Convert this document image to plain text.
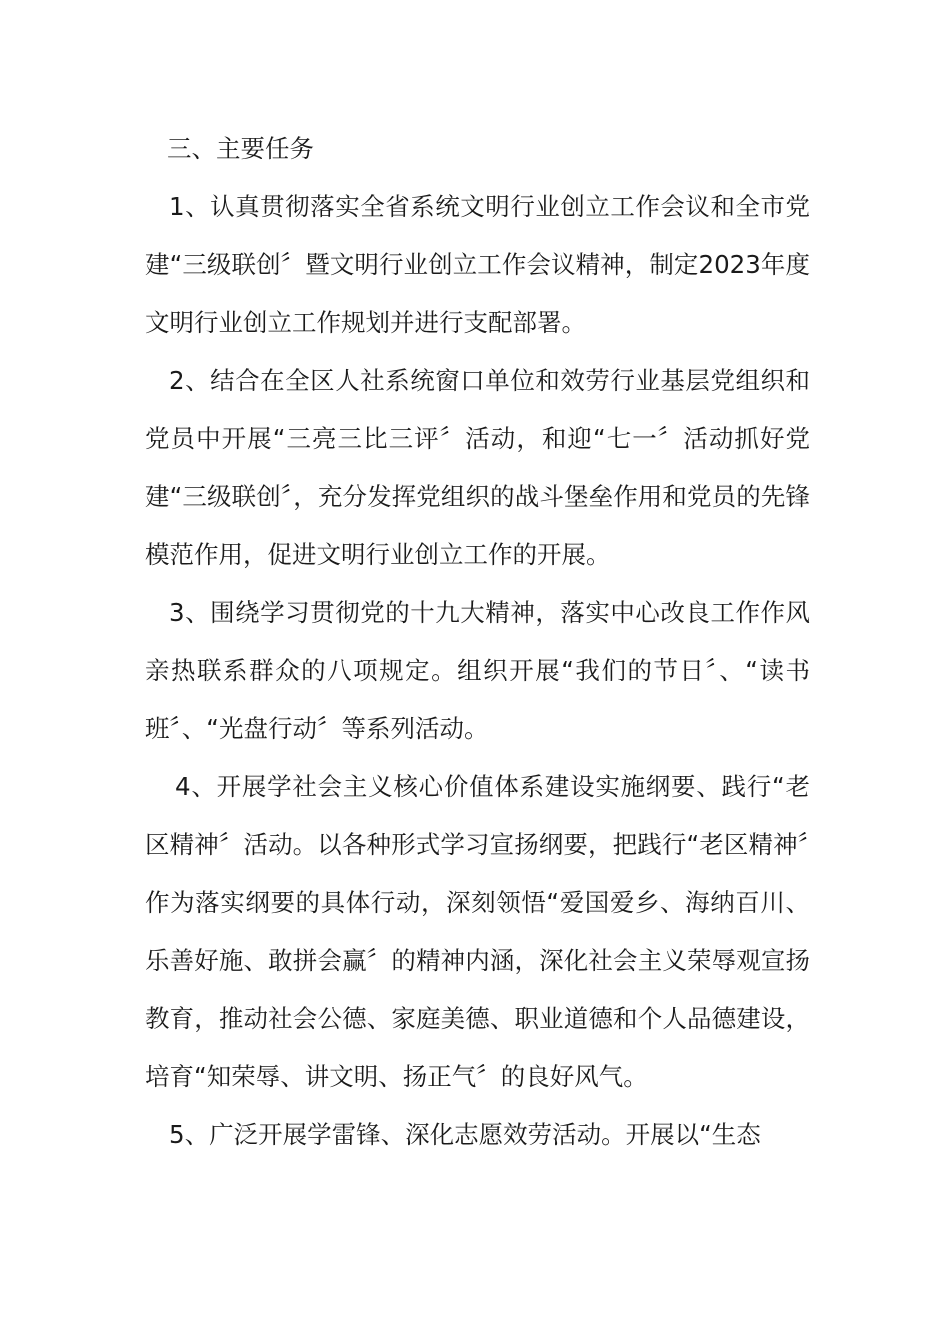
三、主要任务

1、认真贯彻落实全省系统文明行业创立工作会议和全市党建“三级联创〞暨文明行业创立工作会议精神，制定2023年度文明行业创立工作规划并进行支配部署。

2、结合在全区人社系统窗口单位和效劳行业基层党组织和党员中开展“三亮三比三评〞活动，和迎“七一〞活动抓好党建“三级联创〞，充分发挥党组织的战斗堡垒作用和党员的先锋模范作用，促进文明行业创立工作的开展。

3、围绕学习贯彻党的十九大精神，落实中心改良工作作风亲热联系群众的八项规定。组织开展“我们的节日〞、“读书班〞、“光盘行动〞等系列活动。

4、开展学社会主义核心价值体系建设实施纲要、践行“老区精神〞活动。以各种形式学习宣扬纲要，把践行“老区精神〞作为落实纲要的具体行动，深刻领悟“爱国爱乡、海纳百川、乐善好施、敢拼会赢〞的精神内涵，深化社会主义荣辱观宣扬教育，推动社会公德、家庭美德、职业道德和个人品德建设，培育“知荣辱、讲文明、扬正气〞的良好风气。

5、广泛开展学雷锋、深化志愿效劳活动。开展以“生态
